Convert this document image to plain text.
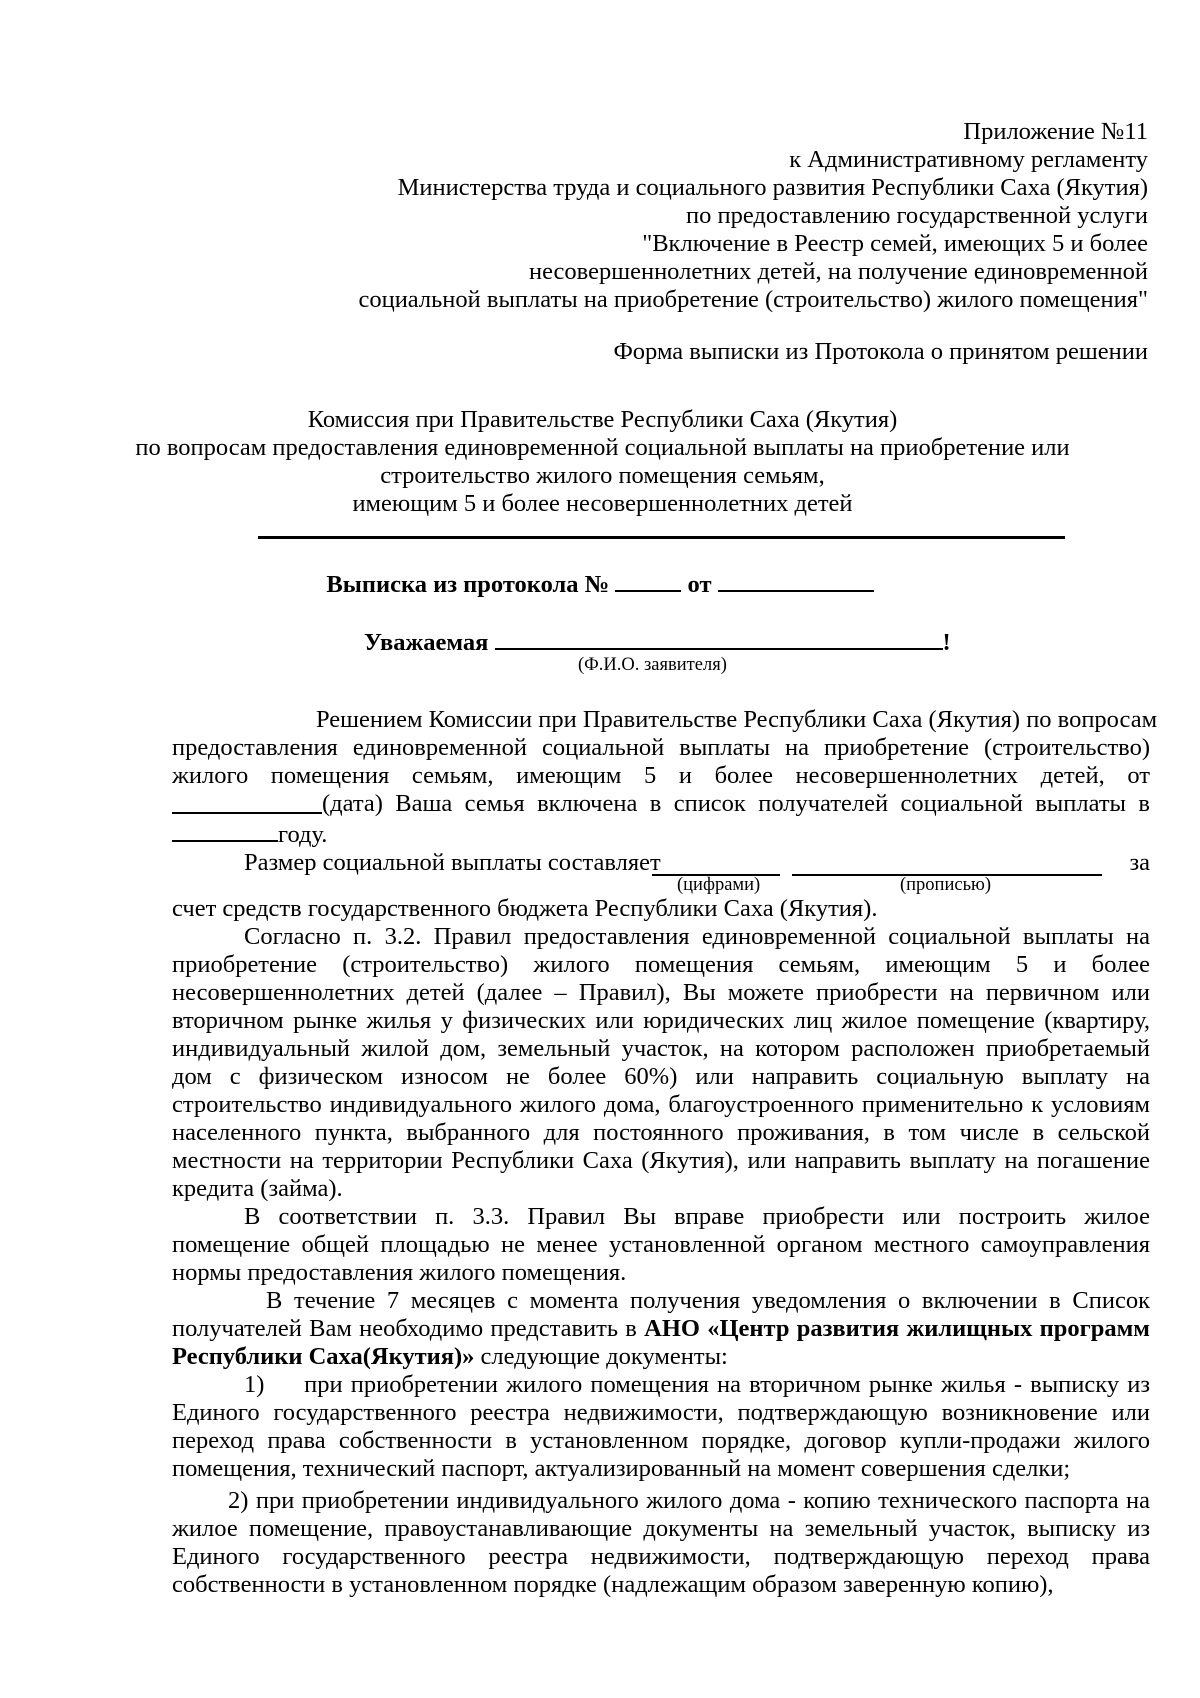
Приложение №11
к Административному регламенту
Министерства труда и социального развития Республики Саха (Якутия)
по предоставлению государственной услуги
"Включение в Реестр семей, имеющих 5 и более
несовершеннолетних детей, на получение единовременной
социальной выплаты на приобретение (строительство) жилого помещения"
Форма выписки из Протокола о принятом решении
Комиссия при Правительстве Республики Саха (Якутия)
по вопросам предоставления единовременной социальной выплаты на приобретение или
строительство жилого помещения семьям,
имеющим 5 и более несовершеннолетних детей
Выписка из протокола №	от
Уважаемая	!
(Ф.И.О. заявителя)

Решением Комиссии при Правительстве Республики Саха (Якутия) по вопросам
предоставления единовременной социальной выплаты на приобретение (строительство)
жилого помещения семьям, имеющим 5 и более несовершеннолетних детей, от
(дата) Ваша семья включена в список получателей социальной выплаты в
году.

Размер социальной выплаты составляет	за
(цифрами)	(прописью)
счет средств государственного бюджета Республики Саха (Якутия).

Согласно п. 3.2. Правил предоставления единовременной социальной выплаты на приобретение (строительство) жилого помещения семьям, имеющим 5 и более несовершеннолетних детей (далее – Правил), Вы можете приобрести на первичном или вторичном рынке жилья у физических или юридических лиц жилое помещение (квартиру, индивидуальный жилой дом, земельный участок, на котором расположен приобретаемый дом с физическом износом не более 60%) или направить социальную выплату на строительство индивидуального жилого дома, благоустроенного применительно к условиям населенного пункта, выбранного для постоянного проживания, в том числе в сельской местности на территории Республики Саха (Якутия), или направить выплату на погашение кредита (займа).

В соответствии п. 3.3. Правил Вы вправе приобрести или построить жилое помещение общей площадью не менее установленной органом местного самоуправления нормы предоставления жилого помещения.

В течение 7 месяцев с момента получения уведомления о включении в Список получателей Вам необходимо представить в АНО «Центр развития жилищных программ Республики Саха(Якутия)» следующие документы:

1) при приобретении жилого помещения на вторичном рынке жилья - выписку из Единого государственного реестра недвижимости, подтверждающую возникновение или переход права собственности в установленном порядке, договор купли-продажи жилого помещения, технический паспорт, актуализированный на момент совершения сделки;

2) при приобретении индивидуального жилого дома - копию технического паспорта на жилое помещение, правоустанавливающие документы на земельный участок, выписку из Единого государственного реестра недвижимости, подтверждающую переход права собственности в установленном порядке (надлежащим образом заверенную копию),
